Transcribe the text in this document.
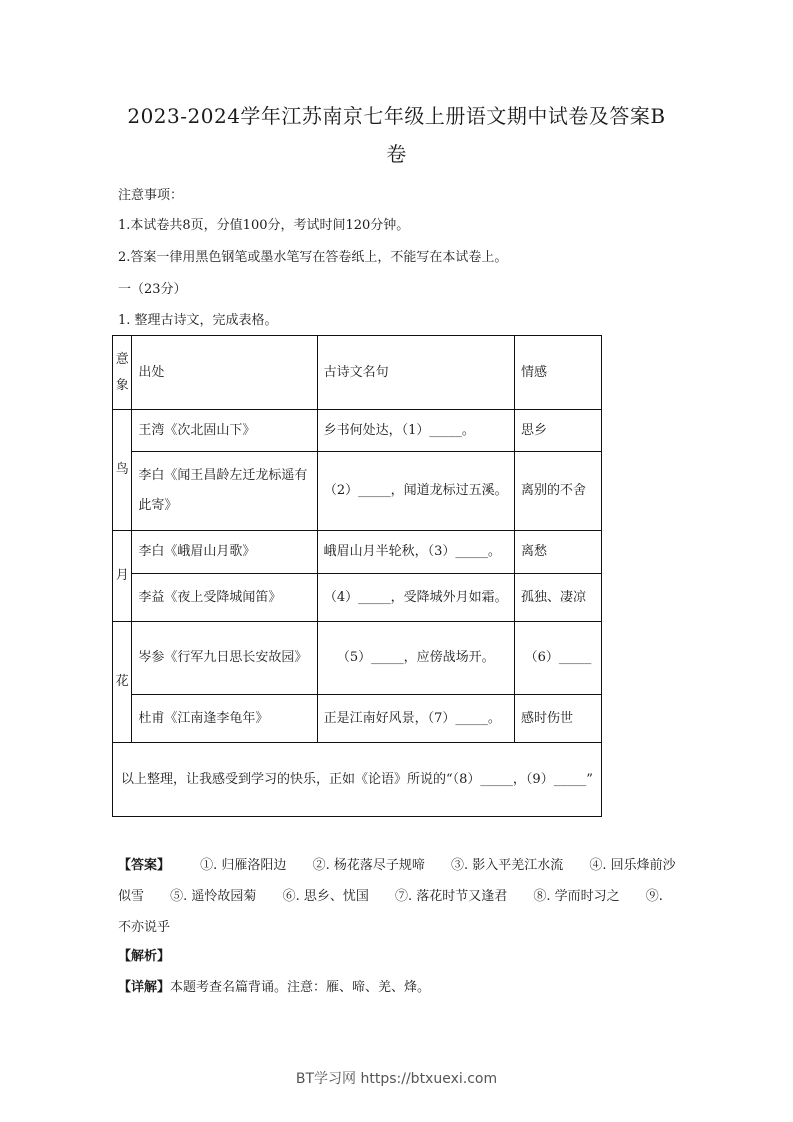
2023-2024学年江苏南京七年级上册语文期中试卷及答案B
卷
注意事项：
1.本试卷共8页，分值100分，考试时间120分钟。
2.答案一律用黑色钢笔或墨水笔写在答卷纸上，不能写在本试卷上。
一（23分）
1. 整理古诗文，完成表格。
意象	出处	古诗文名句	情感
鸟	王湾《次北固山下》	乡书何处达，（1）_____。	思乡
	李白《闻王昌龄左迁龙标遥有此寄》	（2）_____，闻道龙标过五溪。	离别的不舍
月	李白《峨眉山月歌》	峨眉山月半轮秋，（3）_____。	离愁
	李益《夜上受降城闻笛》	（4）_____，受降城外月如霜。	孤独、凄凉
花	岑参《行军九日思长安故园》	（5）_____，应傍战场开。	（6）_____
	杜甫《江南逢李龟年》	正是江南好风景，（7）_____。	感时伤世
以上整理，让我感受到学习的快乐，正如《论语》所说的“（8）_____，（9）_____”			
【答案】 ①. 归雁洛阳边 ②. 杨花落尽子规啼 ③. 影入平羌江水流 ④. 回乐烽前沙似雪 ⑤. 遥怜故园菊 ⑥. 思乡、忧国 ⑦. 落花时节又逢君 ⑧. 学而时习之 ⑨. 不亦说乎
【解析】
【详解】本题考查名篇背诵。注意：雁、啼、羌、烽。
BT学习网 https://btxuexi.com
